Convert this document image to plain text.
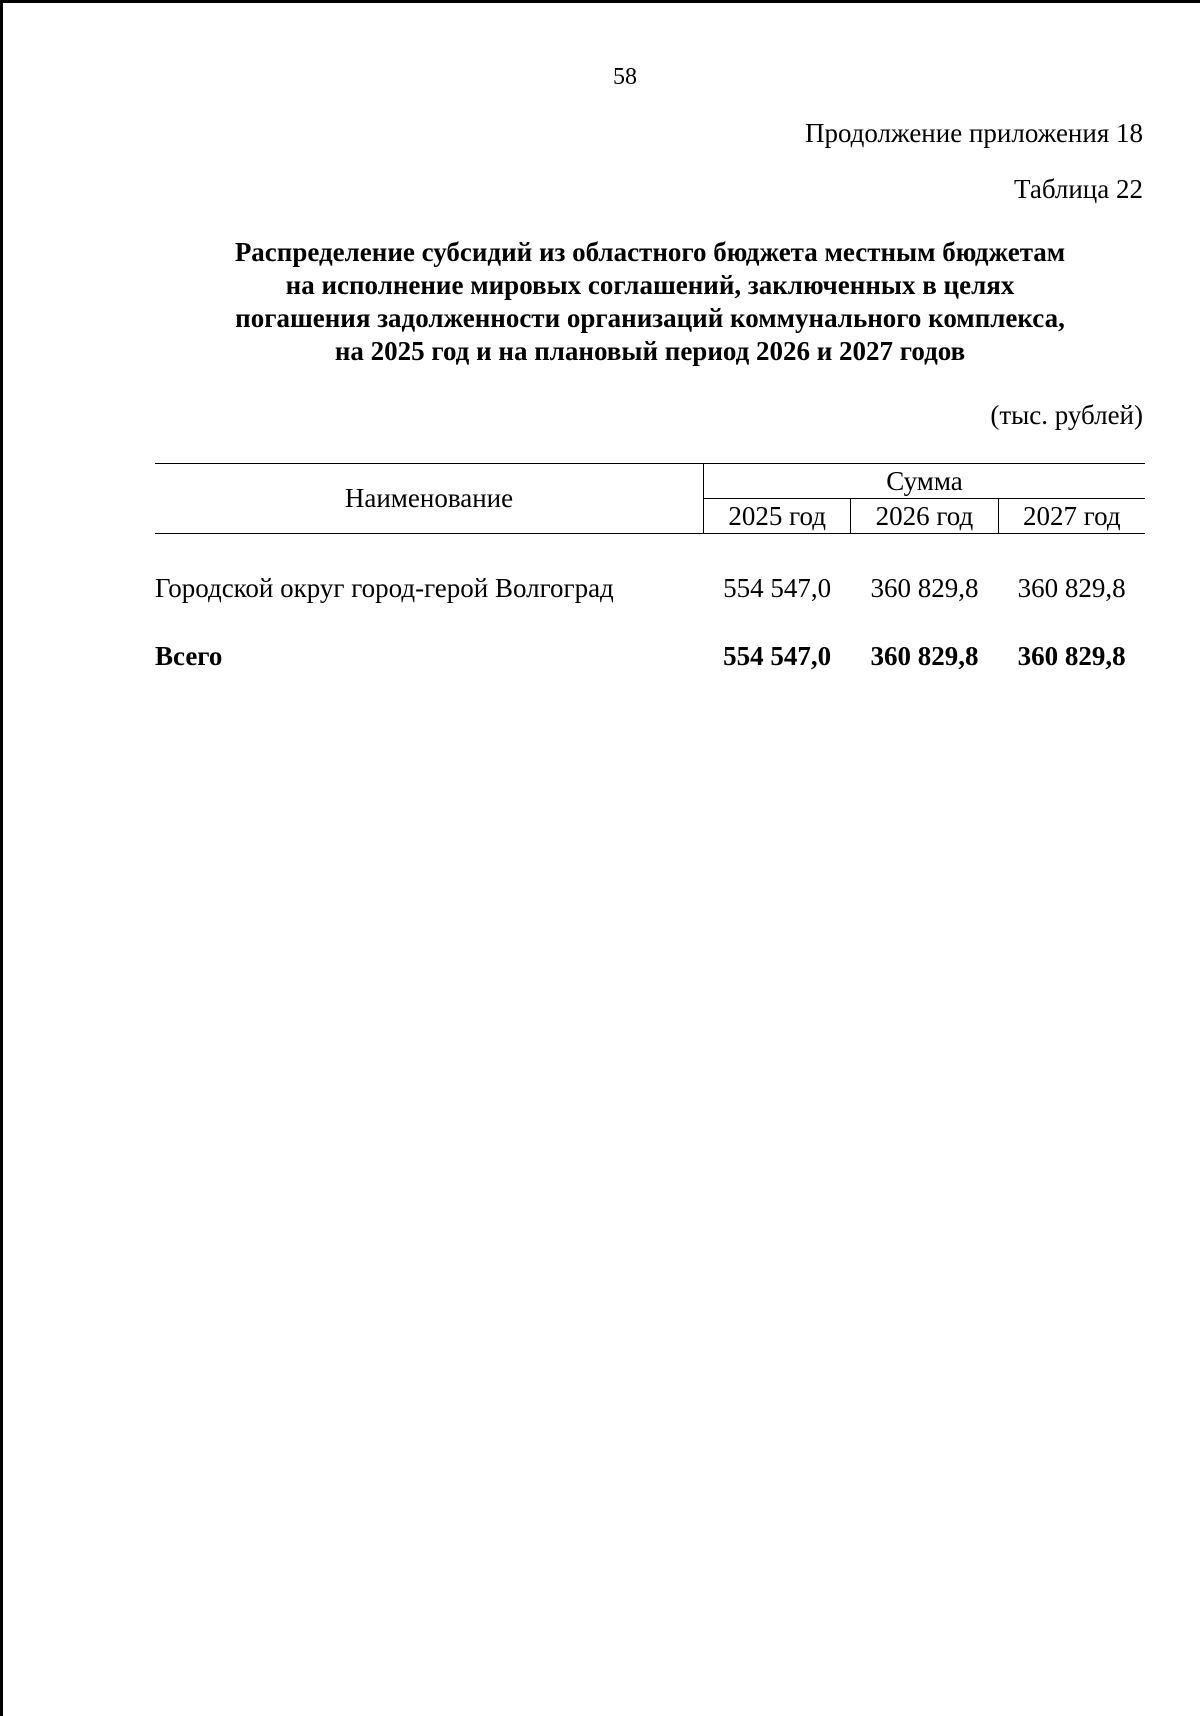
58
Продолжение приложения 18
Таблица 22
Распределение субсидий из областного бюджета местным бюджетам
на исполнение мировых соглашений, заключенных в целях
погашения задолженности организаций коммунального комплекса,
на 2025 год и на плановый период 2026 и 2027 годов
(тыс. рублей)
Наименование	Сумма		
	2025 год	2026 год	2027 год

Городской округ город-герой Волгоград	554 547,0	360 829,8	360 829,8
Всего	554 547,0	360 829,8	360 829,8
